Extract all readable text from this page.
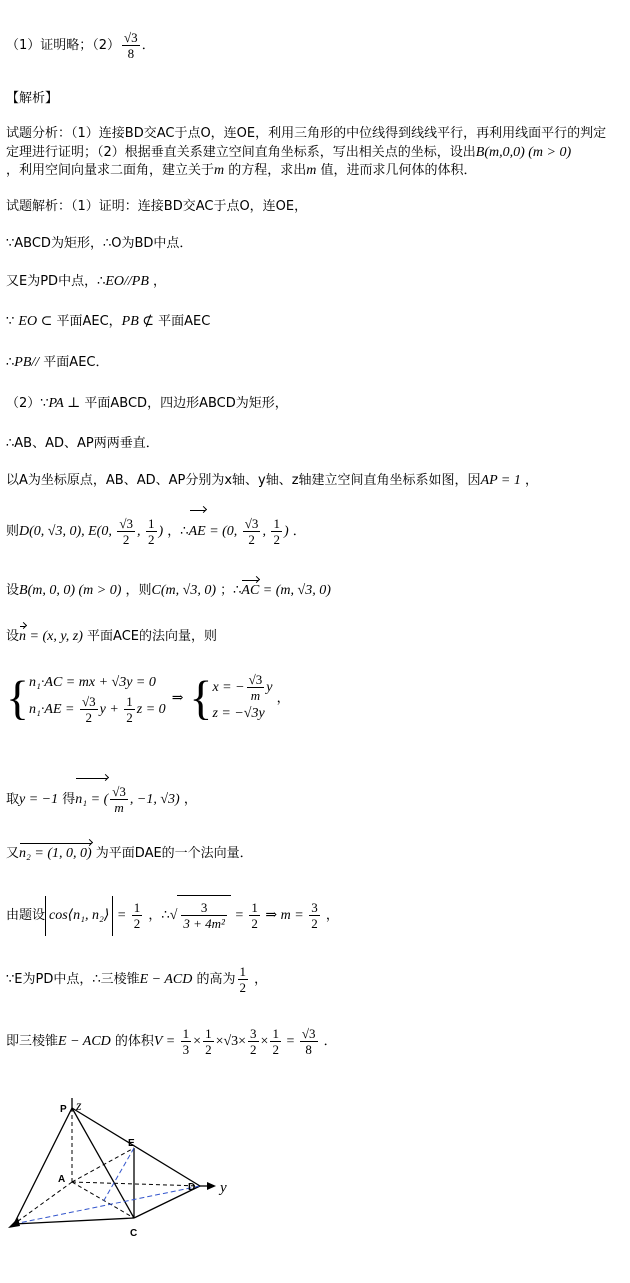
（1）证明略；$(2) \frac{√3}{8}$ ．
【解析】
试题分析：（1）连接BD交AC于点O，连OE，利用三角形的中位线得到线线平行，再利用线面平行的判定
定理进行证明；（2）根据垂直关系建立空间直角坐标系，写出相关点的坐标，设出B(m,0,0) (m > 0)
，利用空间向量求二面角，建立关于m 的方程，求出m 值，进而求几何体的体积．
试题解析：（1）证明：连接BD交AC于点O，连OE，
∵ABCD为矩形，∴O为BD中点．
又E为PD中点，∴EO//PB ，
∵ EO ⊂ 平面AEC，PB ⊄ 平面AEC
∴PB// 平面AEC．
（2）∵PA ⊥ 平面ABCD，四边形ABCD为矩形，
∴AB、AD、AP两两垂直．
以A为坐标原点，AB、AD、AP分别为x轴、y轴、z轴建立空间直角坐标系如图，因AP = 1 ，
则D(0, √3, 0), E(0, $\frac{√3}{2}$ , $\frac{1}{2}$ ) ，∴AE = (0, $\frac{√3}{2}$ , $\frac{1}{2}$ ) ．
设B(m, 0, 0) (m > 0) ，则C(m, √3, 0) ；∴AC = (m, √3, 0)
设n = (x, y, z) 平面ACE的法向量，则
{ n₁·AC = mx + √3y = 0
$n_1\cdot AE = \frac{√3}{2}$ $y + \frac{1}{2}$ z = 0
⇒ { x = − $\frac{√3}{m}$ y
z = −√3y
，
取y = −1 得n₁ = ( $\frac{√3}{m}$ , −1, √3) ，
又n₂ = (1, 0, 0) 为平面DAE的一个法向量．
由题设 cos⟨n₁, n₂⟩ = $\frac{1}{2}$ ，∴√ $\frac{3}{\text{3 + 4m²}} = \frac{1}{2}$ ⇒ $m = \frac{3}{2}$ ，
∵E为PD中点，∴三棱锥E − ACD 的高为 $\frac{1}{2}$ ，
即三棱锥E − ACD 的体积$V = \frac{1}{3} \times \frac{1}{2} \times√3\times \frac{3}{2} \times \frac{1}{2} = \frac{√3}{8}$ ．
P z
E
A
D y
C
